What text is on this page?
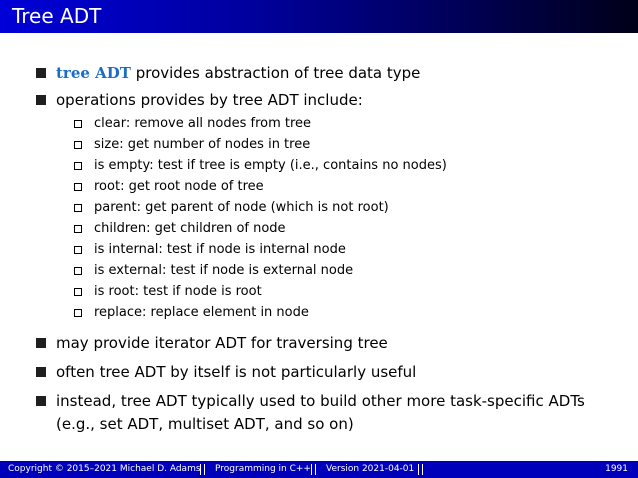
Tree ADT
tree ADT provides abstraction of tree data type
operations provides by tree ADT include:
clear: remove all nodes from tree
size: get number of nodes in tree
is empty: test if tree is empty (i.e., contains no nodes)
root: get root node of tree
parent: get parent of node (which is not root)
children: get children of node
is internal: test if node is internal node
is external: test if node is external node
is root: test if node is root
replace: replace element in node
may provide iterator ADT for traversing tree
often tree ADT by itself is not particularly useful
instead, tree ADT typically used to build other more task-specific ADTs
(e.g., set ADT, multiset ADT, and so on)
Copyright © 2015–2021 Michael D. Adams Programming in C++ Version 2021-04-01	1991
